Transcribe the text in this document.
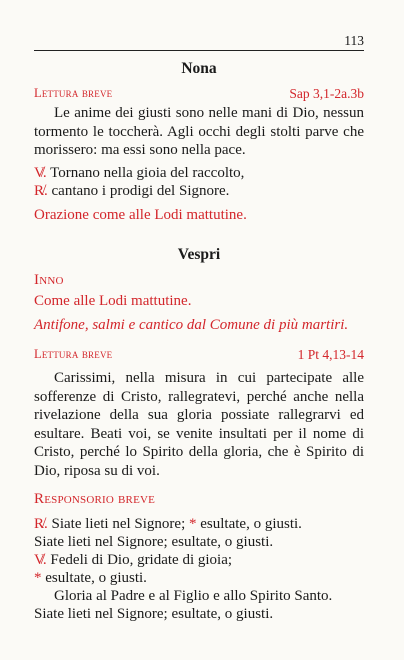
113
Nona
Lettura breve	Sap 3,1-2a.3b
Le anime dei giusti sono nelle mani di Dio, nessun tormento le toccherà. Agli occhi degli stolti parve che morissero: ma essi sono nella pace.
V̸. Tornano nella gioia del raccolto,
R̸. cantano i prodigi del Signore.
Orazione come alle Lodi mattutine.
Vespri
Inno
Come alle Lodi mattutine.
Antifone, salmi e cantico dal Comune di più martiri.
Lettura breve	1 Pt 4,13-14
Carissimi, nella misura in cui partecipate alle sofferenze di Cristo, rallegratevi, perché anche nella rivelazione della sua gloria possiate rallegrarvi ed esultare. Beati voi, se venite insultati per il nome di Cristo, perché lo Spirito della gloria, che è Spirito di Dio, riposa su di voi.
Responsorio breve
R̸. Siate lieti nel Signore; * esultate, o giusti.
Siate lieti nel Signore; esultate, o giusti.
V̸. Fedeli di Dio, gridate di gioia;
* esultate, o giusti.
Gloria al Padre e al Figlio e allo Spirito Santo.
Siate lieti nel Signore; esultate, o giusti.
